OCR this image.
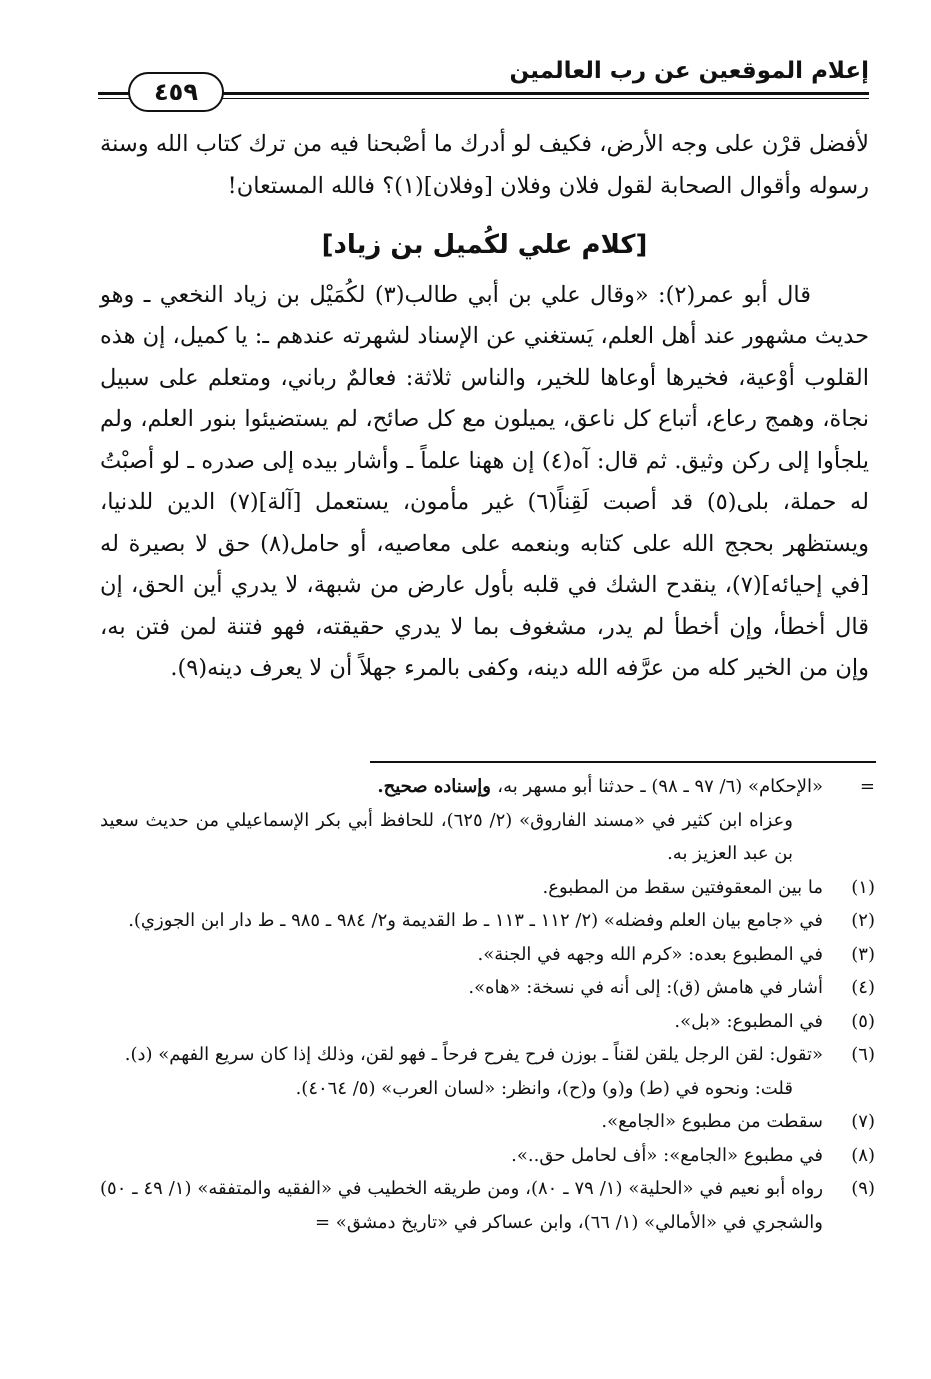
إعلام الموقعين عن رب العالمين
٤٥٩

لأفضل قرْن على وجه الأرض، فكيف لو أدرك ما أصْبحنا فيه من ترك كتاب الله وسنة رسوله وأقوال الصحابة لقول فلان وفلان [وفلان](١)؟ فالله المستعان!

[كلام علي لكُميل بن زياد]

قال أبو عمر(٢): «وقال علي بن أبي طالب(٣) لكُمَيْل بن زياد النخعي ـ وهو حديث مشهور عند أهل العلم، يَستغني عن الإسناد لشهرته عندهم ـ: يا كميل، إن هذه القلوب أوْعية، فخيرها أوعاها للخير، والناس ثلاثة: فعالمٌ رباني، ومتعلم على سبيل نجاة، وهمج رعاع، أتباع كل ناعق، يميلون مع كل صائح، لم يستضيئوا بنور العلم، ولم يلجأوا إلى ركن وثيق. ثم قال: آه(٤) إن ههنا علماً ـ وأشار بيده إلى صدره ـ لو أصبْتُ له حملة، بلى(٥) قد أصبت لَقِناً(٦) غير مأمون، يستعمل [آلة](٧) الدين للدنيا، ويستظهر بحجج الله على كتابه وبنعمه على معاصيه، أو حامل(٨) حق لا بصيرة له [في إحيائه](٧)، ينقدح الشك في قلبه بأول عارض من شبهة، لا يدري أين الحق، إن قال أخطأ، وإن أخطأ لم يدر، مشغوف بما لا يدري حقيقته، فهو فتنة لمن فتن به، وإن من الخير كله من عرَّفه الله دينه، وكفى بالمرء جهلاً أن لا يعرف دينه(٩).

=
«الإحكام» (٦/ ٩٧ ـ ٩٨) ـ حدثنا أبو مسهر به، وإسناده صحيح.
وعزاه ابن كثير في «مسند الفاروق» (٢/ ٦٢٥)، للحافظ أبي بكر الإسماعيلي من حديث سعيد بن عبد العزيز به.
(١)
ما بين المعقوفتين سقط من المطبوع.
(٢)
في «جامع بيان العلم وفضله» (٢/ ١١٢ ـ ١١٣ ـ ط القديمة و٢/ ٩٨٤ ـ ٩٨٥ ـ ط دار ابن الجوزي).
(٣)
في المطبوع بعده: «كرم الله وجهه في الجنة».
(٤)
أشار في هامش (ق): إلى أنه في نسخة: «هاه».
(٥)
في المطبوع: «بل».
(٦)
«تقول: لقن الرجل يلقن لقناً ـ بوزن فرح يفرح فرحاً ـ فهو لقن، وذلك إذا كان سريع الفهم» (د).
قلت: ونحوه في (ط) و(و) و(ح)، وانظر: «لسان العرب» (٥/ ٤٠٦٤).
(٧)
سقطت من مطبوع «الجامع».
(٨)
في مطبوع «الجامع»: «أف لحامل حق..».
(٩)
رواه أبو نعيم في «الحلية» (١/ ٧٩ ـ ٨٠)، ومن طريقه الخطيب في «الفقيه والمتفقه» (١/ ٤٩ ـ ٥٠) والشجري في «الأمالي» (١/ ٦٦)، وابن عساكر في «تاريخ دمشق» =
